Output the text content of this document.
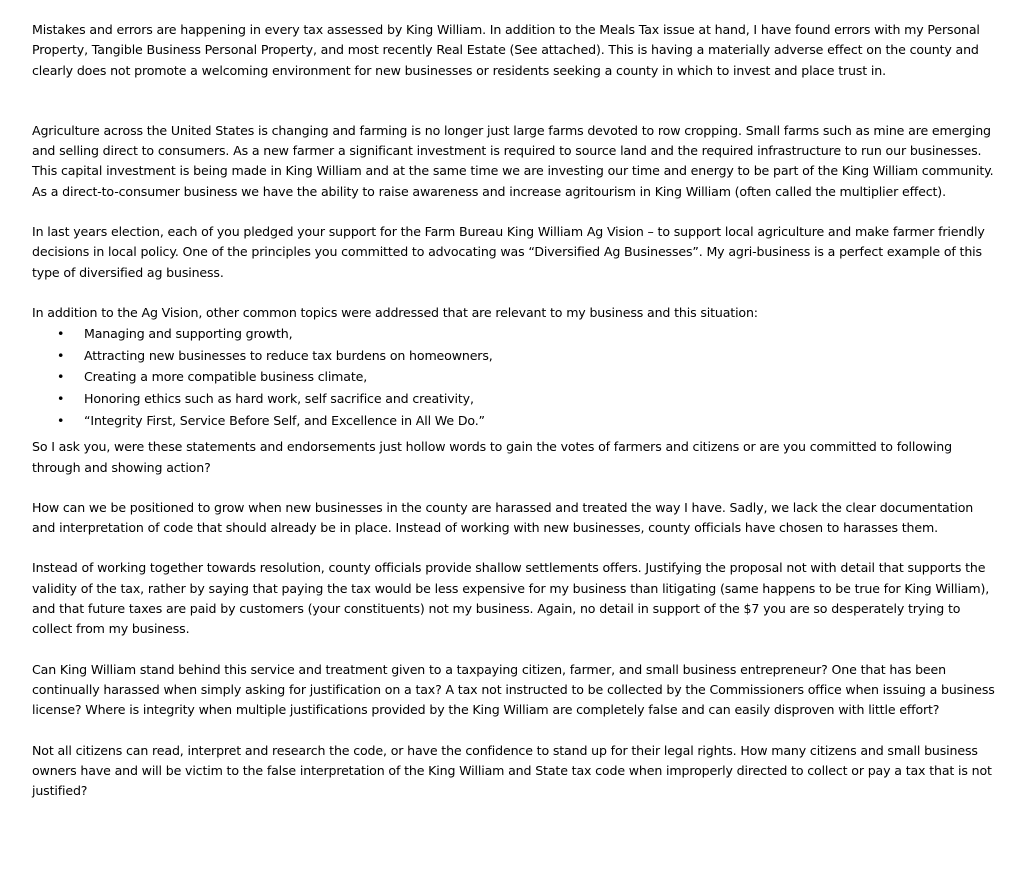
Mistakes and errors are happening in every tax assessed by King William. In addition to the Meals Tax issue at hand, I have found errors with my Personal Property, Tangible Business Personal Property, and most recently Real Estate (See attached). This is having a materially adverse effect on the county and clearly does not promote a welcoming environment for new businesses or residents seeking a county in which to invest and place trust in.

Agriculture across the United States is changing and farming is no longer just large farms devoted to row cropping. Small farms such as mine are emerging and selling direct to consumers. As a new farmer a significant investment is required to source land and the required infrastructure to run our businesses. This capital investment is being made in King William and at the same time we are investing our time and energy to be part of the King William community. As a direct-to-consumer business we have the ability to raise awareness and increase agritourism in King William (often called the multiplier effect).

In last years election, each of you pledged your support for the Farm Bureau King William Ag Vision – to support local agriculture and make farmer friendly decisions in local policy. One of the principles you committed to advocating was “Diversified Ag Businesses”. My agri-business is a perfect example of this type of diversified ag business.

In addition to the Ag Vision, other common topics were addressed that are relevant to my business and this situation:

• Managing and supporting growth,
• Attracting new businesses to reduce tax burdens on homeowners,
• Creating a more compatible business climate,
• Honoring ethics such as hard work, self sacrifice and creativity,
• “Integrity First, Service Before Self, and Excellence in All We Do.”

So I ask you, were these statements and endorsements just hollow words to gain the votes of farmers and citizens or are you committed to following through and showing action?

How can we be positioned to grow when new businesses in the county are harassed and treated the way I have. Sadly, we lack the clear documentation and interpretation of code that should already be in place. Instead of working with new businesses, county officials have chosen to harasses them.

Instead of working together towards resolution, county officials provide shallow settlements offers. Justifying the proposal not with detail that supports the validity of the tax, rather by saying that paying the tax would be less expensive for my business than litigating (same happens to be true for King William), and that future taxes are paid by customers (your constituents) not my business. Again, no detail in support of the $7 you are so desperately trying to collect from my business.

Can King William stand behind this service and treatment given to a taxpaying citizen, farmer, and small business entrepreneur? One that has been continually harassed when simply asking for justification on a tax? A tax not instructed to be collected by the Commissioners office when issuing a business license? Where is integrity when multiple justifications provided by the King William are completely false and can easily disproven with little effort?

Not all citizens can read, interpret and research the code, or have the confidence to stand up for their legal rights. How many citizens and small business owners have and will be victim to the false interpretation of the King William and State tax code when improperly directed to collect or pay a tax that is not justified?
